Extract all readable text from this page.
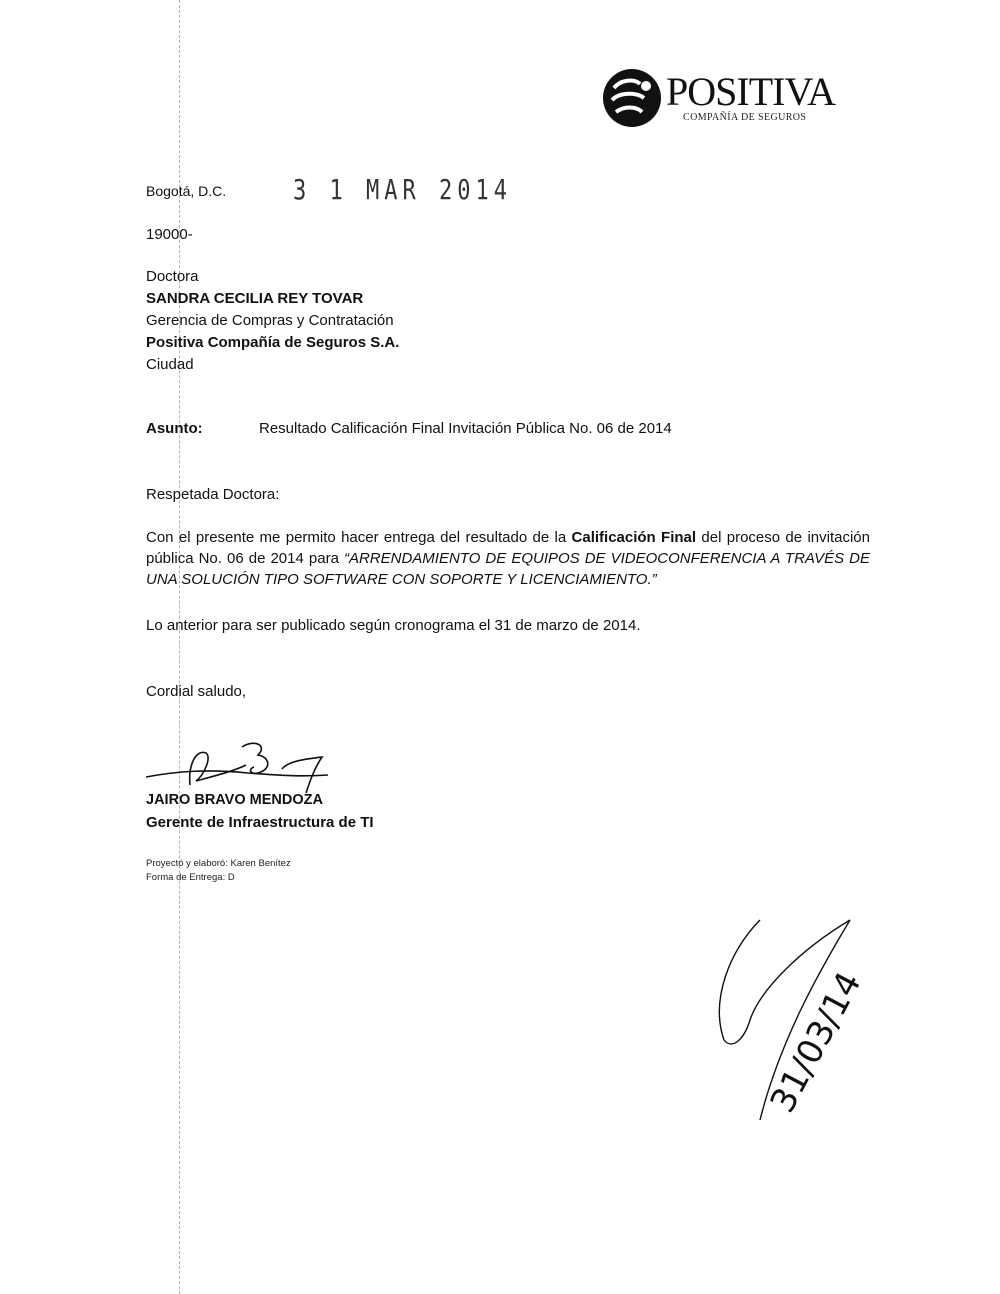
POSITIVA
COMPAÑÍA DE SEGUROS
Bogotá, D.C.	3 1 MAR 2014
19000-
Doctora
SANDRA CECILIA REY TOVAR
Gerencia de Compras y Contratación
Positiva Compañía de Seguros S.A.
Ciudad
Asunto:	Resultado Calificación Final Invitación Pública No. 06 de 2014
Respetada Doctora:
Con el presente me permito hacer entrega del resultado de la Calificación Final del proceso de invitación pública No. 06 de 2014 para “ARRENDAMIENTO DE EQUIPOS DE VIDEOCONFERENCIA A TRAVÉS DE UNA SOLUCIÓN TIPO SOFTWARE CON SOPORTE Y LICENCIAMIENTO.”
Lo anterior para ser publicado según cronograma el 31 de marzo de 2014.
Cordial saludo,
JAIRO BRAVO MENDOZA
Gerente de Infraestructura de TI
Proyectó y elaboró: Karen Benítez
Forma de Entrega: D
31/03/14
